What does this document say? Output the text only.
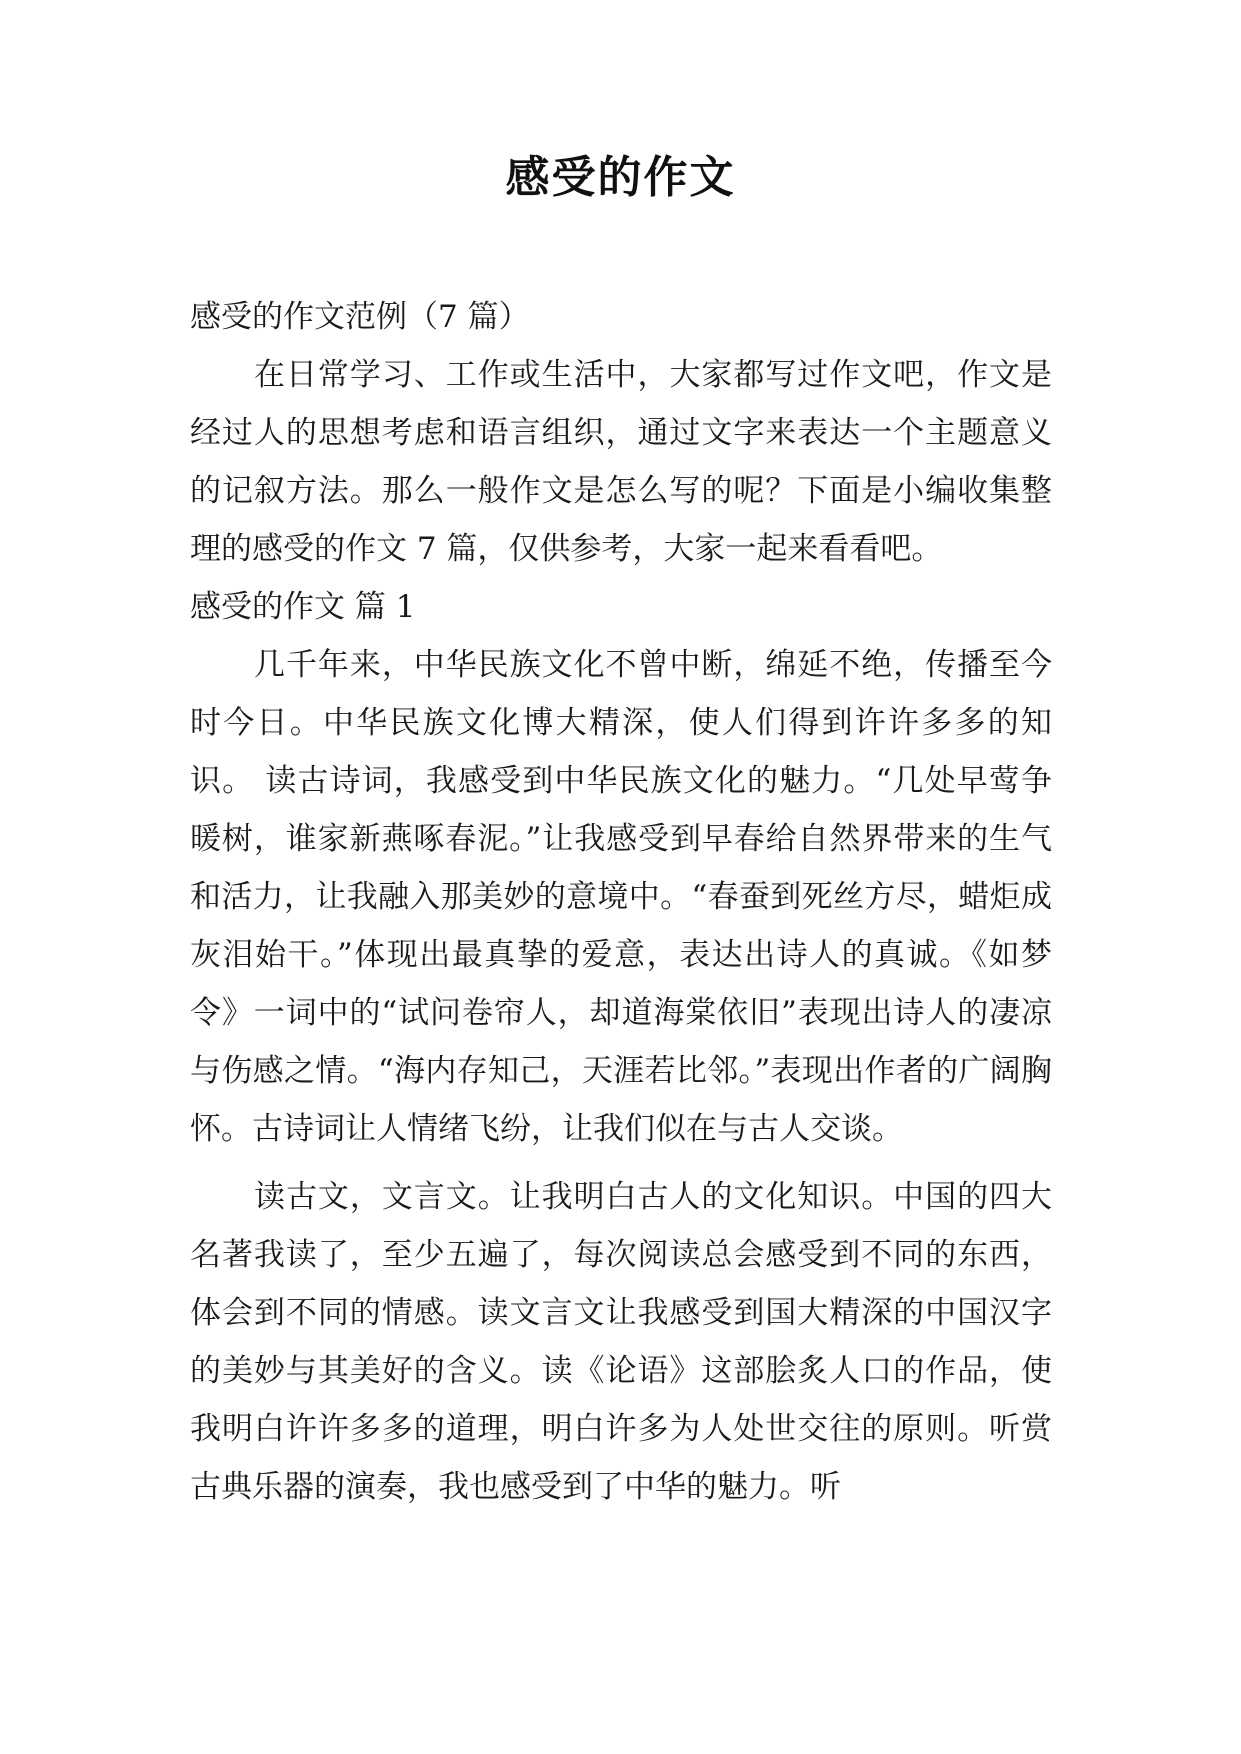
感受的作文

感受的作文范例（7 篇）

在日常学习、工作或生活中，大家都写过作文吧，作文是经过人的思想考虑和语言组织，通过文字来表达一个主题意义的记叙方法。那么一般作文是怎么写的呢？下面是小编收集整理的感受的作文 7 篇，仅供参考，大家一起来看看吧。

感受的作文 篇 1

几千年来，中华民族文化不曾中断，绵延不绝，传播至今时今日。中华民族文化博大精深，使人们得到许许多多的知识。 读古诗词，我感受到中华民族文化的魅力。“几处早莺争暖树，谁家新燕啄春泥。”让我感受到早春给自然界带来的生气和活力，让我融入那美妙的意境中。“春蚕到死丝方尽，蜡炬成灰泪始干。”体现出最真挚的爱意，表达出诗人的真诚。《如梦令》一词中的“试问卷帘人，却道海棠依旧”表现出诗人的凄凉与伤感之情。“海内存知己，天涯若比邻。”表现出作者的广阔胸怀。古诗词让人情绪飞纷，让我们似在与古人交谈。

读古文，文言文。让我明白古人的文化知识。中国的四大名著我读了，至少五遍了，每次阅读总会感受到不同的东西，体会到不同的情感。读文言文让我感受到国大精深的中国汉字的美妙与其美好的含义。读《论语》这部脍炙人口的作品，使我明白许许多多的道理，明白许多为人处世交往的原则。听赏古典乐器的演奏，我也感受到了中华的魅力。听
